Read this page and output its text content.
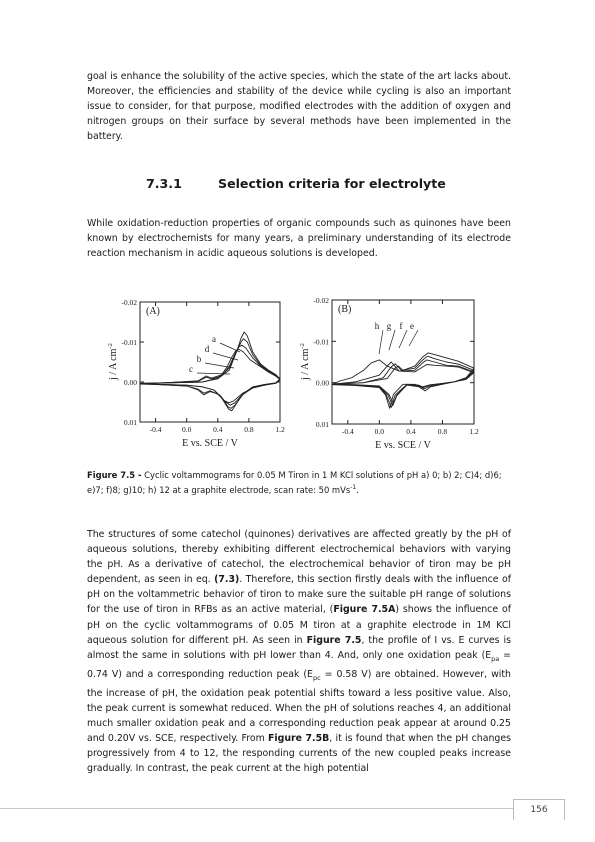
goal is enhance the solubility of the active species, which the state of the art lacks about. Moreover, the efficiencies and stability of the device while cycling is also an important issue to consider, for that purpose, modified electrodes with the addition of oxygen and nitrogen groups on their surface by several methods have been implemented in the battery.

7.3.1	Selection criteria for electrolyte

While oxidation-reduction properties of organic compounds such as quinones have been known by electrochemists for many years, a preliminary understanding of its electrode reaction mechanism in acidic aqueous solutions is developed.

(A)
-0.02
-0.01
0.00
0.01
-0.4	0.0	0.4	0.8	1.2
E vs. SCE / V
j / A $cm^{-2}$
a
d
b
c
(B)
-0.02
-0.01
0.00
0.01
-0.4	0.0	0.4	0.8	1.2
E vs. SCE / V
j / A $cm^{-2}$
h g f e

Figure 7.5 - Cyclic voltammograms for 0.05 M Tiron in 1 M KCl solutions of pH a) 0; b) 2; C)4; d)6; e)7; f)8; g)10; h) 12 at a graphite electrode, scan rate: 50 mVs$^{-1}$.

The structures of some catechol (quinones) derivatives are affected greatly by the pH of aqueous solutions, thereby exhibiting different electrochemical behaviors with varying the pH. As a derivative of catechol, the electrochemical behavior of tiron may be pH dependent, as seen in eq. (7.3). Therefore, this section firstly deals with the influence of pH on the voltammetric behavior of tiron to make sure the suitable pH range of solutions for the use of tiron in RFBs as an active material, (Figure 7.5A) shows the influence of pH on the cyclic voltammograms of 0.05 M tiron at a graphite electrode in 1M KCl aqueous solution for different pH. As seen in Figure 7.5, the profile of I vs. E curves is almost the same in solutions with pH lower than 4. And, only one oxidation peak ($E_{pa} = 0.74$ V) and a corresponding reduction peak ($E_{pc} = 0.58$ V) are obtained. However, with the increase of pH, the oxidation peak potential shifts toward a less positive value. Also, the peak current is somewhat reduced. When the pH of solutions reaches 4, an additional much smaller oxidation peak and a corresponding reduction peak appear at around 0.25 and 0.20V vs. SCE, respectively. From Figure 7.5B, it is found that when the pH changes progressively from 4 to 12, the responding currents of the new coupled peaks increase gradually. In contrast, the peak current at the high potential

156
